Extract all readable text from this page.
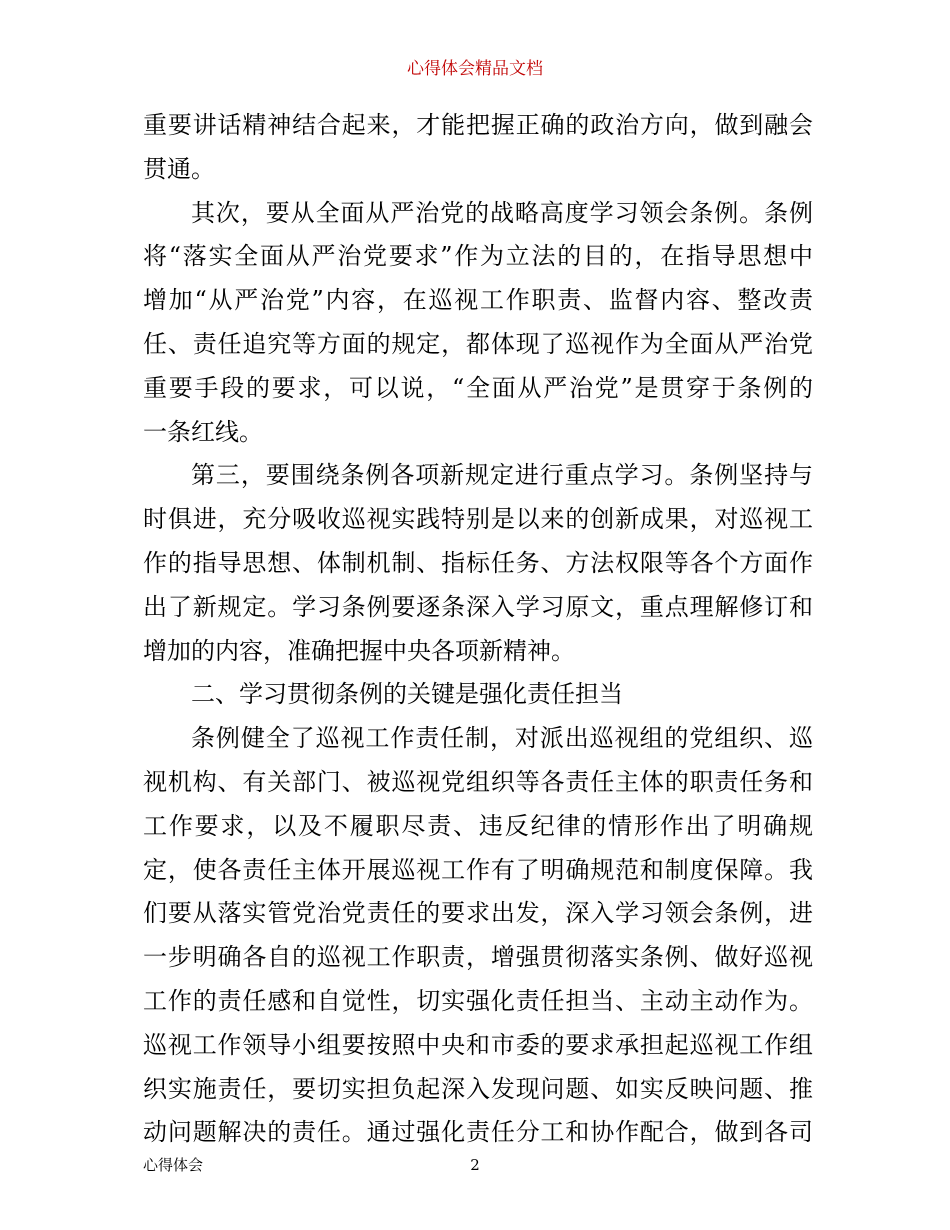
心得体会精品文档
重要讲话精神结合起来，才能把握正确的政治方向，做到融会
贯通。
其次，要从全面从严治党的战略高度学习领会条例。条例
将“落实全面从严治党要求”作为立法的目的，在指导思想中
增加“从严治党”内容，在巡视工作职责、监督内容、整改责
任、责任追究等方面的规定，都体现了巡视作为全面从严治党
重要手段的要求，可以说，“全面从严治党”是贯穿于条例的
一条红线。
第三，要围绕条例各项新规定进行重点学习。条例坚持与
时俱进，充分吸收巡视实践特别是以来的创新成果，对巡视工
作的指导思想、体制机制、指标任务、方法权限等各个方面作
出了新规定。学习条例要逐条深入学习原文，重点理解修订和
增加的内容，准确把握中央各项新精神。
二、学习贯彻条例的关键是强化责任担当
条例健全了巡视工作责任制，对派出巡视组的党组织、巡
视机构、有关部门、被巡视党组织等各责任主体的职责任务和
工作要求，以及不履职尽责、违反纪律的情形作出了明确规
定，使各责任主体开展巡视工作有了明确规范和制度保障。我
们要从落实管党治党责任的要求出发，深入学习领会条例，进
一步明确各自的巡视工作职责，增强贯彻落实条例、做好巡视
工作的责任感和自觉性，切实强化责任担当、主动主动作为。
巡视工作领导小组要按照中央和市委的要求承担起巡视工作组
织实施责任，要切实担负起深入发现问题、如实反映问题、推
动问题解决的责任。通过强化责任分工和协作配合，做到各司
心得体会	2
